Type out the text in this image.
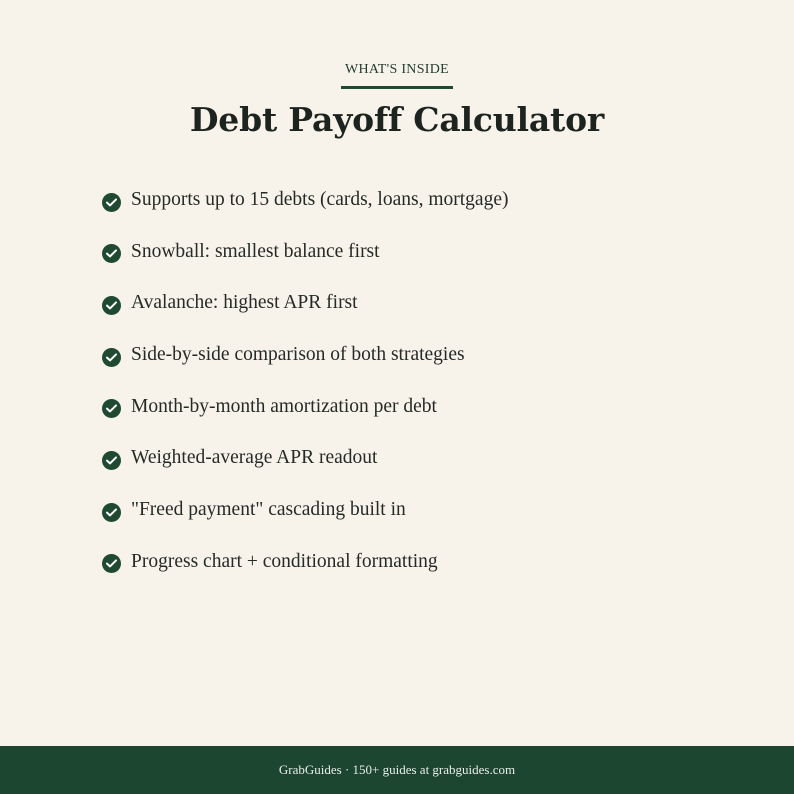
WHAT'S INSIDE
Debt Payoff Calculator
Supports up to 15 debts (cards, loans, mortgage)
Snowball: smallest balance first
Avalanche: highest APR first
Side-by-side comparison of both strategies
Month-by-month amortization per debt
Weighted-average APR readout
"Freed payment" cascading built in
Progress chart + conditional formatting
GrabGuides · 150+ guides at grabguides.com
